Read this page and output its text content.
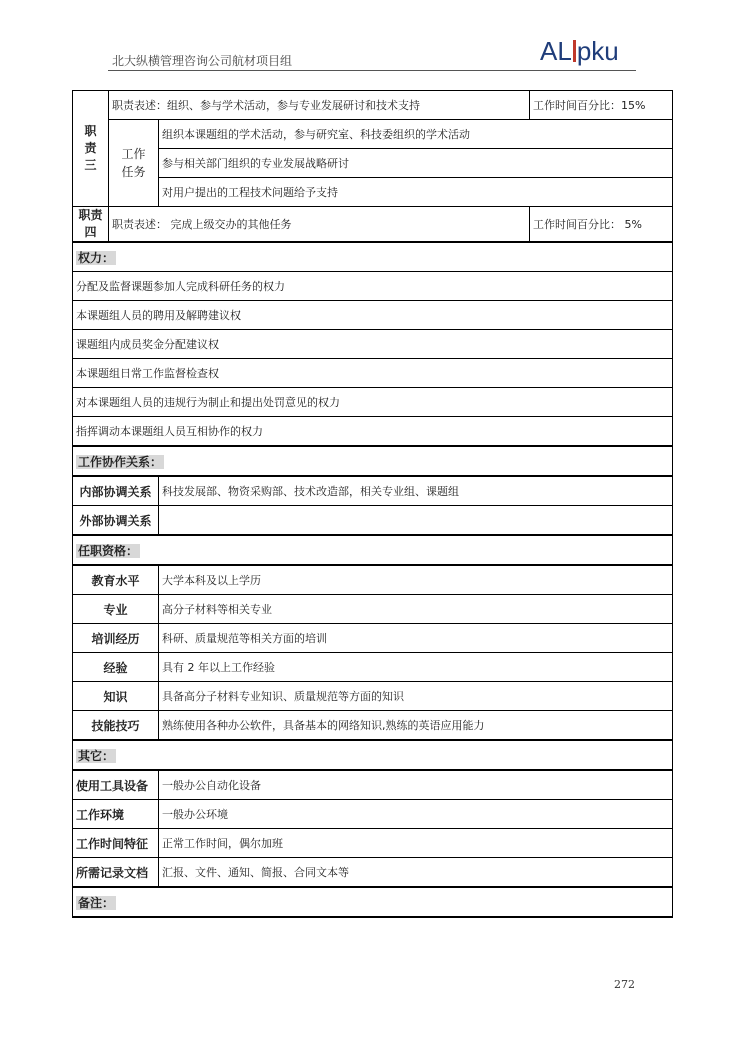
北大纵横管理咨询公司航材项目组	AL pku
职
责
三	职责表述：组织、参与学术活动，参与专业发展研讨和技术支持		工作时间百分比：15%
	工作
任务	组织本课题组的学术活动，参与研究室、科技委组织的学术活动	
		参与相关部门组织的专业发展战略研讨	
		对用户提出的工程技术问题给予支持	
职责
四	职责表述： 完成上级交办的其他任务		工作时间百分比： 5%
权力：			
分配及监督课题参加人完成科研任务的权力			
本课题组人员的聘用及解聘建议权			
课题组内成员奖金分配建议权			
本课题组日常工作监督检查权			
对本课题组人员的违规行为制止和提出处罚意见的权力			
指挥调动本课题组人员互相协作的权力			
工作协作关系：			
内部协调关系		科技发展部、物资采购部、技术改造部，相关专业组、课题组	
外部协调关系			
任职资格：			
教育水平		大学本科及以上学历	
专业		高分子材料等相关专业	
培训经历		科研、质量规范等相关方面的培训	
经验		具有 2 年以上工作经验	
知识		具备高分子材料专业知识、质量规范等方面的知识	
技能技巧		熟练使用各种办公软件，具备基本的网络知识,熟练的英语应用能力	
其它：			
使用工具设备		一般办公自动化设备	
工作环境		一般办公环境	
工作时间特征		正常工作时间，偶尔加班	
所需记录文档		汇报、文件、通知、简报、合同文本等	
备注：			
272
